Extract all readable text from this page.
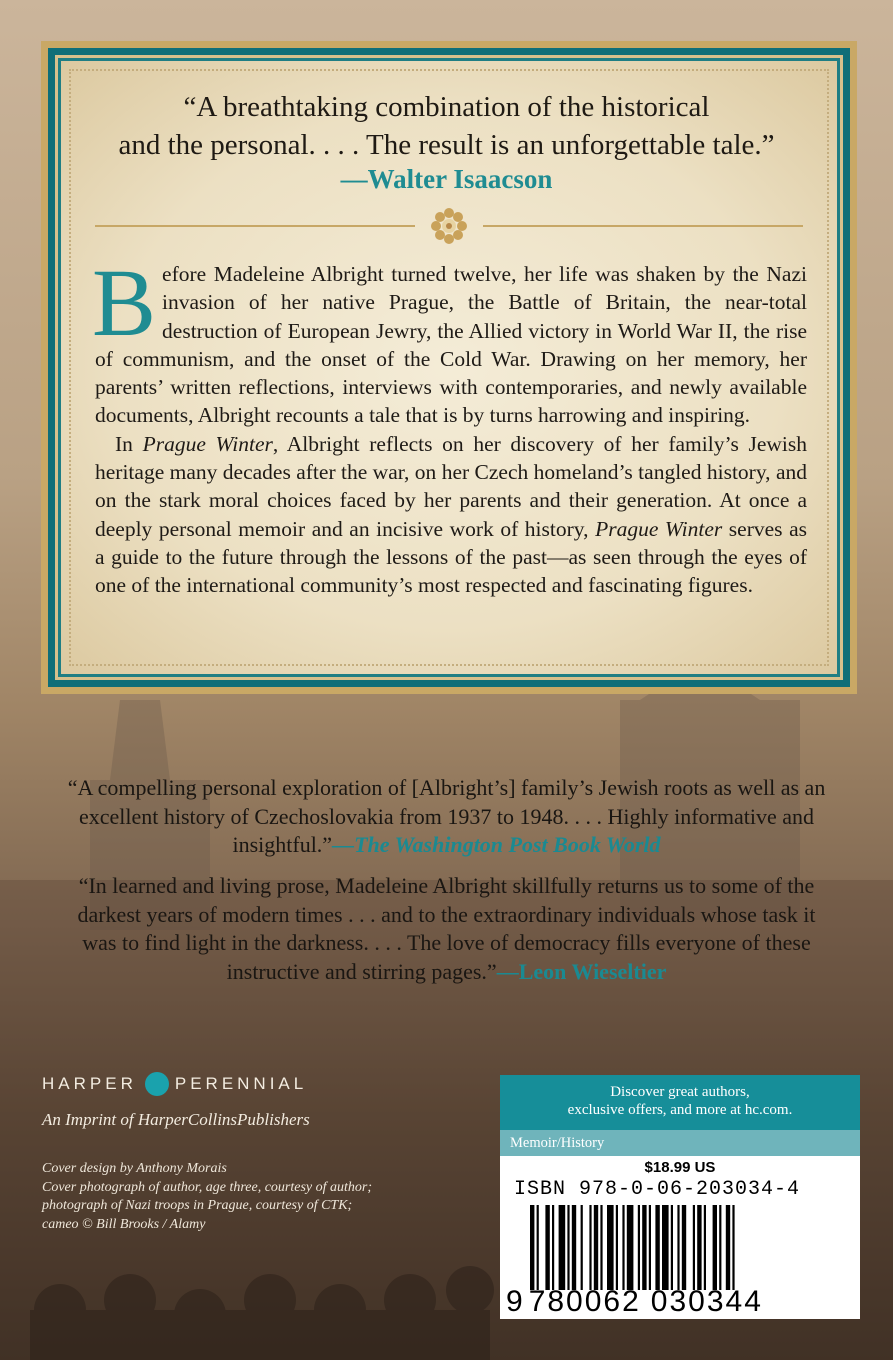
“A breathtaking combination of the historical
and the personal. . . . The result is an unforgettable tale.”
—Walter Isaacson

Before Madeleine Albright turned twelve, her life was shaken by the Nazi invasion of her native Prague, the Battle of Britain, the near-total destruction of European Jewry, the Allied victory in World War II, the rise of communism, and the onset of the Cold War. Drawing on her memory, her parents’ written reflections, interviews with contemporaries, and newly available documents, Albright recounts a tale that is by turns harrowing and inspiring.

In Prague Winter, Albright reflects on her discovery of her family’s Jewish heritage many decades after the war, on her Czech homeland’s tangled history, and on the stark moral choices faced by her parents and their generation. At once a deeply personal memoir and an incisive work of history, Prague Winter serves as a guide to the future through the lessons of the past—as seen through the eyes of one of the international community’s most respected and fascinating figures.

“A compelling personal exploration of [Albright’s] family’s Jewish roots as well as an excellent history of Czechoslovakia from 1937 to 1948. . . . Highly informative and insightful.”—The Washington Post Book World
“In learned and living prose, Madeleine Albright skillfully returns us to some of the darkest years of modern times . . . and to the extraordinary individuals whose task it was to find light in the darkness. . . . The love of democracy fills everyone of these instructive and stirring pages.”—Leon Wieseltier
HARPER PERENNIAL
An Imprint of HarperCollinsPublishers
Cover design by Anthony Morais
Cover photograph of author, age three, courtesy of author;
photograph of Nazi troops in Prague, courtesy of CTK;
cameo © Bill Brooks / Alamy
Discover great authors,
exclusive offers, and more at hc.com.
Memoir/History
$18.99 US
ISBN 978-0-06-203034-4
9 780062 030344
